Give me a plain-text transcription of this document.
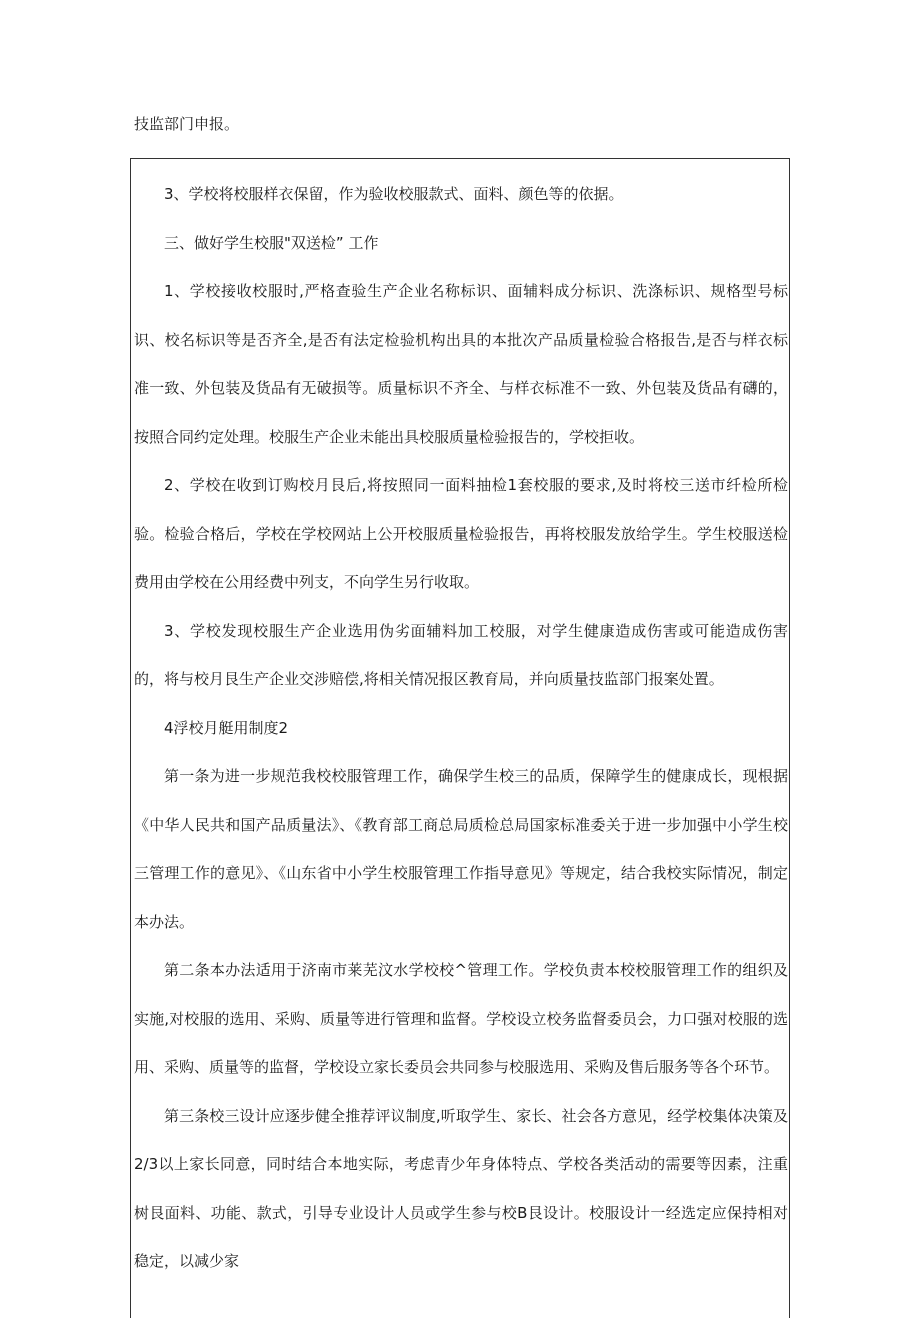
技监部门申报。

3、学校将校服样衣保留，作为验收校服款式、面料、颜色等的依据。

三、做好学生校服"双送检” 工作

1、学校接收校服时,严格查验生产企业名称标识、面辅料成分标识、洗涤标识、规格型号标识、校名标识等是否齐全,是否有法定检验机构出具的本批次产品质量检验合格报告,是否与样衣标准一致、外包装及货品有无破损等。质量标识不齐全、与样衣标准不一致、外包装及货品有礴的，按照合同约定处理。校服生产企业未能出具校服质量检验报告的，学校拒收。

2、学校在收到订购校月艮后,将按照同一面料抽检1套校服的要求,及时将校三送市纤检所检验。检验合格后，学校在学校网站上公开校服质量检验报告，再将校服发放给学生。学生校服送检费用由学校在公用经费中列支，不向学生另行收取。

3、学校发现校服生产企业选用伪劣面辅料加工校服，对学生健康造成伤害或可能造成伤害的，将与校月艮生产企业交涉赔偿,将相关情况报区教育局，并向质量技监部门报案处置。

4浮校月艇用制度2

第一条为进一步规范我校校服管理工作，确保学生校三的品质，保障学生的健康成长，现根据《中华人民共和国产品质量法》、《教育部工商总局质检总局国家标准委关于进一步加强中小学生校三管理工作的意见》、《山东省中小学生校服管理工作指导意见》等规定，结合我校实际情况，制定本办法。

第二条本办法适用于济南市莱芜汶水学校校^管理工作。学校负责本校校服管理工作的组织及实施,对校服的选用、采购、质量等进行管理和监督。学校设立校务监督委员会，力口强对校服的选用、采购、质量等的监督，学校设立家长委员会共同参与校服选用、采购及售后服务等各个环节。

第三条校三设计应逐步健全推荐评议制度,听取学生、家长、社会各方意见，经学校集体决策及2/3以上家长同意，同时结合本地实际，考虑青少年身体特点、学校各类活动的需要等因素，注重树艮面料、功能、款式，引导专业设计人员或学生参与校B艮设计。校服设计一经选定应保持相对稳定，以减少家
